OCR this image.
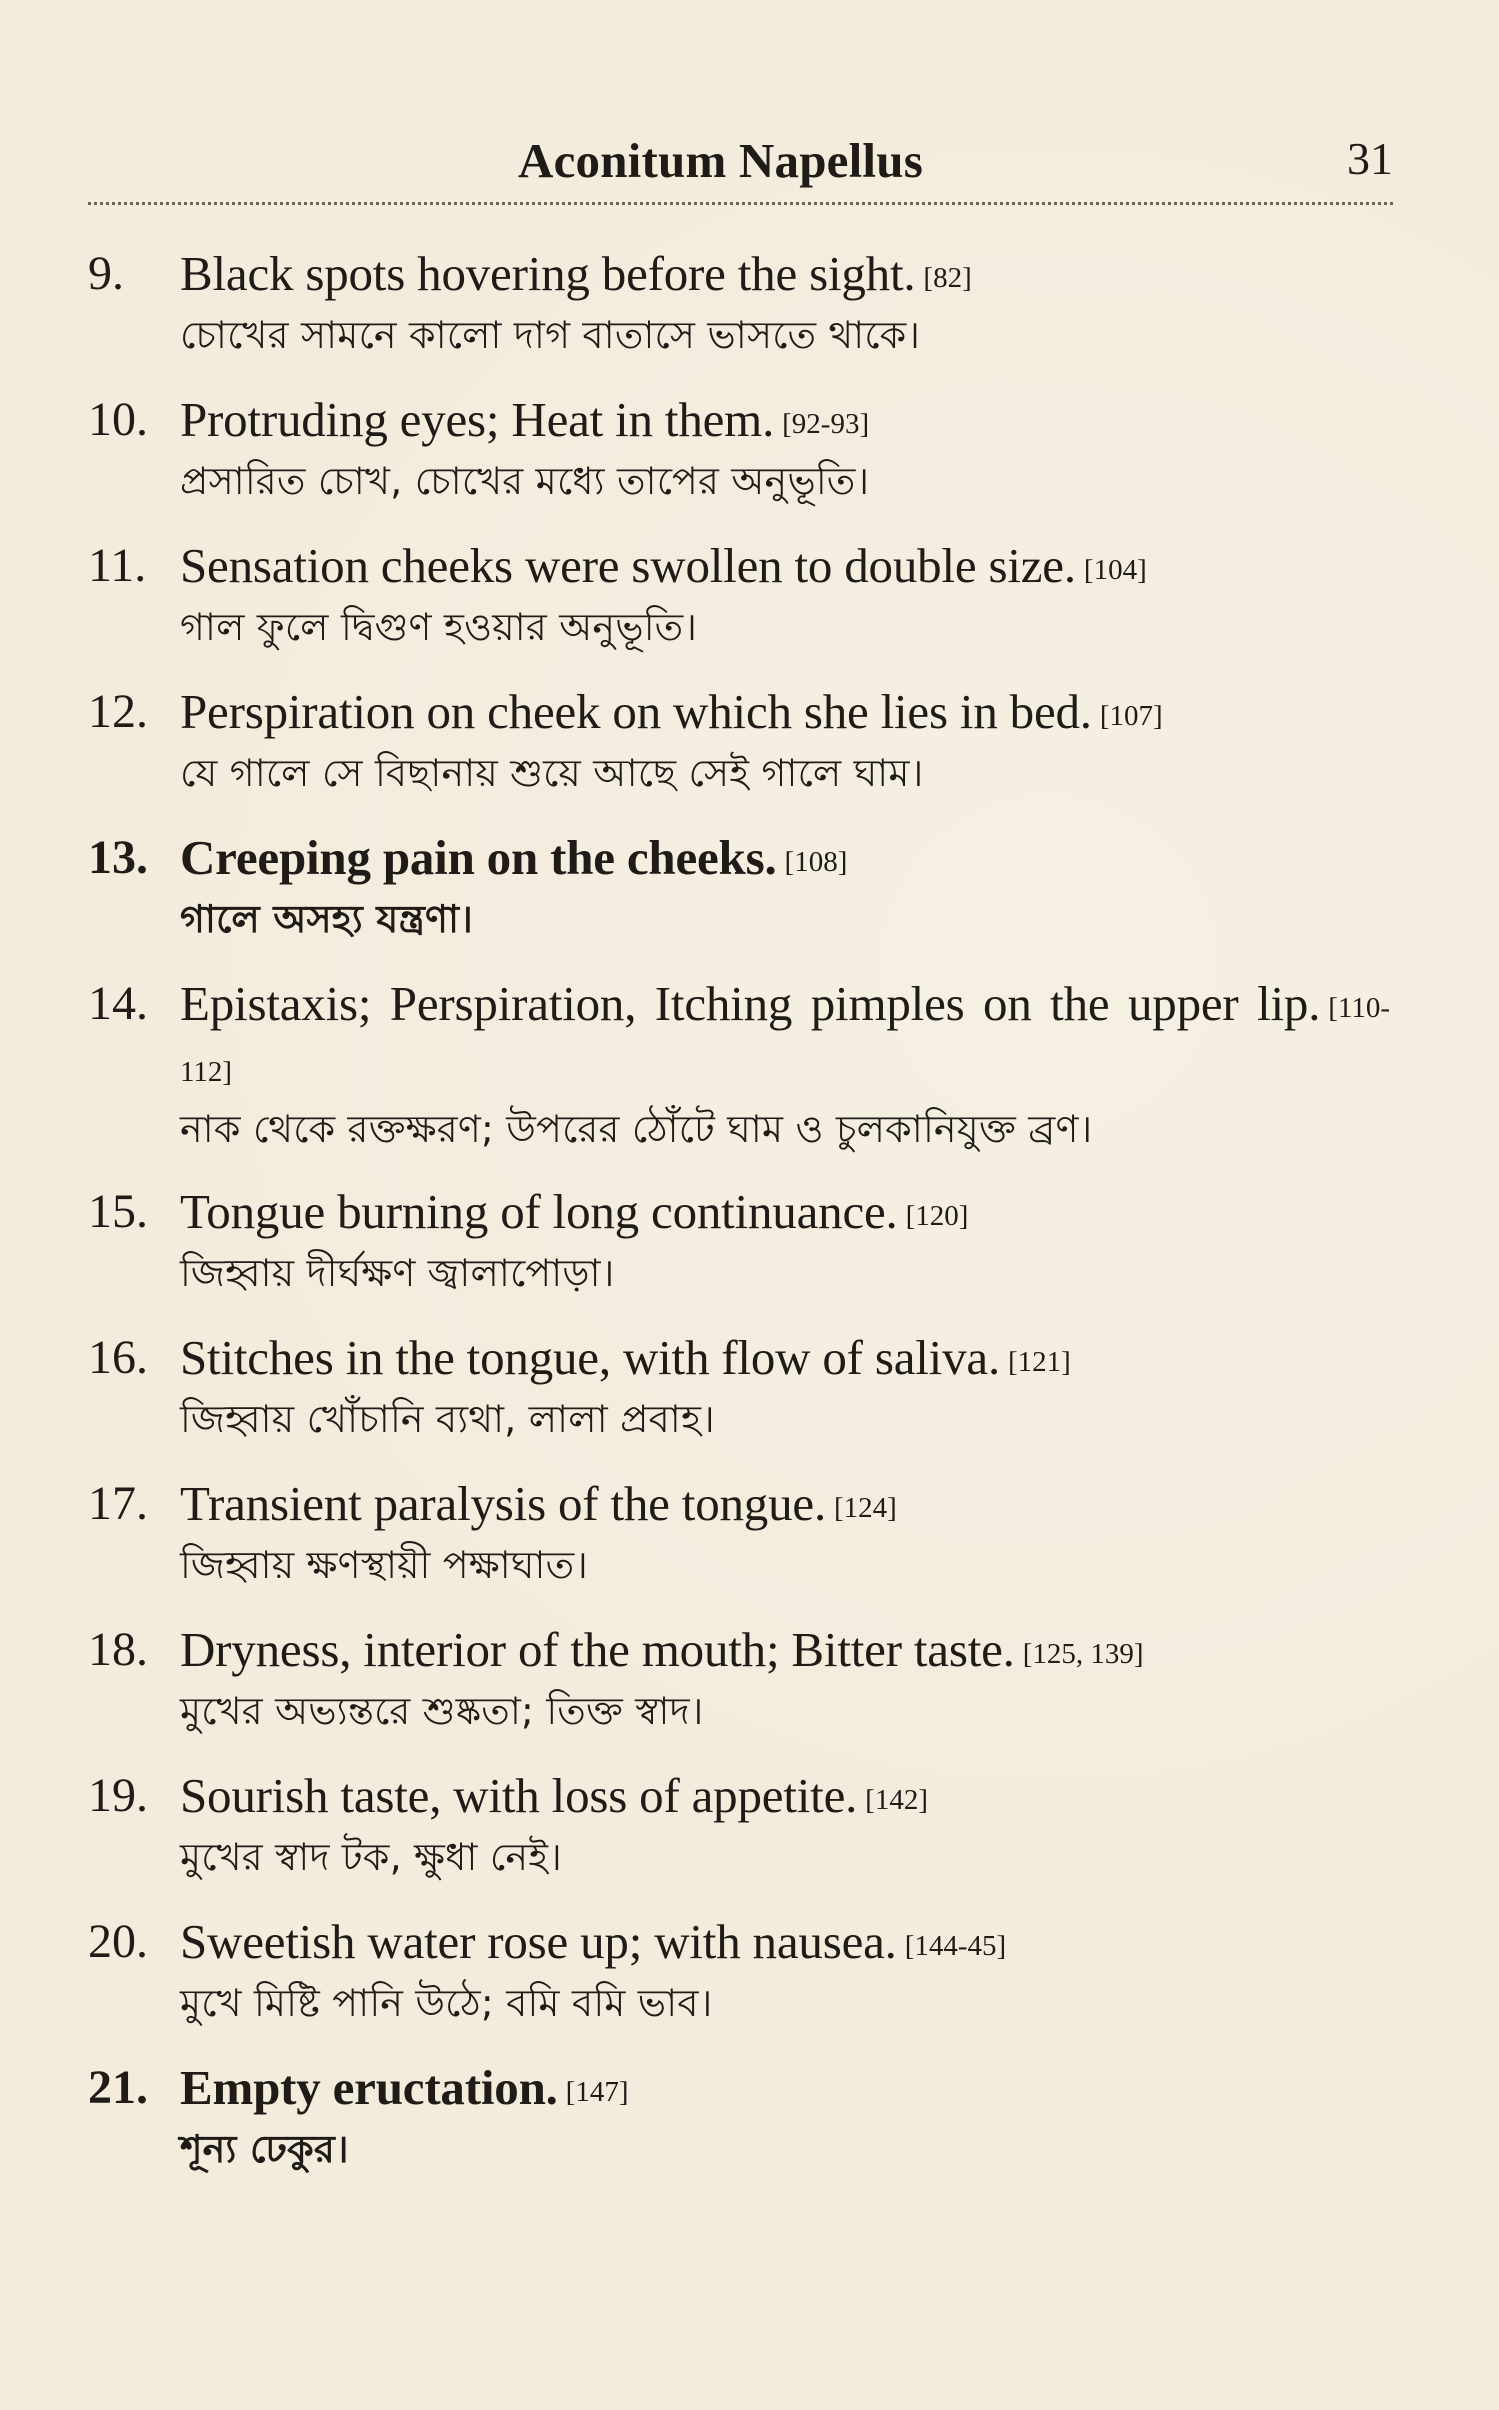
Aconitum Napellus	31
9.	Black spots hovering before the sight. [82]
চোখের সামনে কালো দাগ বাতাসে ভাসতে থাকে।
10. Protruding eyes; Heat in them. [92-93]
প্রসারিত চোখ, চোখের মধ্যে তাপের অনুভূতি।
11. Sensation cheeks were swollen to double size. [104]
গাল ফুলে দ্বিগুণ হওয়ার অনুভূতি।
12. Perspiration on cheek on which she lies in bed. [107]
যে গালে সে বিছানায় শুয়ে আছে সেই গালে ঘাম।
13. Creeping pain on the cheeks. [108]
গালে অসহ্য যন্ত্রণা।
14. Epistaxis; Perspiration, Itching pimples on the upper lip. [110-112]
নাক থেকে রক্তক্ষরণ; উপরের ঠোঁটে ঘাম ও চুলকানিযুক্ত ব্রণ।
15. Tongue burning of long continuance. [120]
জিহ্বায় দীর্ঘক্ষণ জ্বালাপোড়া।
16. Stitches in the tongue, with flow of saliva. [121]
জিহ্বায় খোঁচানি ব্যথা, লালা প্রবাহ।
17. Transient paralysis of the tongue. [124]
জিহ্বায় ক্ষণস্থায়ী পক্ষাঘাত।
18. Dryness, interior of the mouth; Bitter taste. [125, 139]
মুখের অভ্যন্তরে শুষ্কতা; তিক্ত স্বাদ।
19. Sourish taste, with loss of appetite. [142]
মুখের স্বাদ টক, ক্ষুধা নেই।
20. Sweetish water rose up; with nausea. [144-45]
মুখে মিষ্টি পানি উঠে; বমি বমি ভাব।
21. Empty eructation. [147]
শূন্য ঢেকুর।
